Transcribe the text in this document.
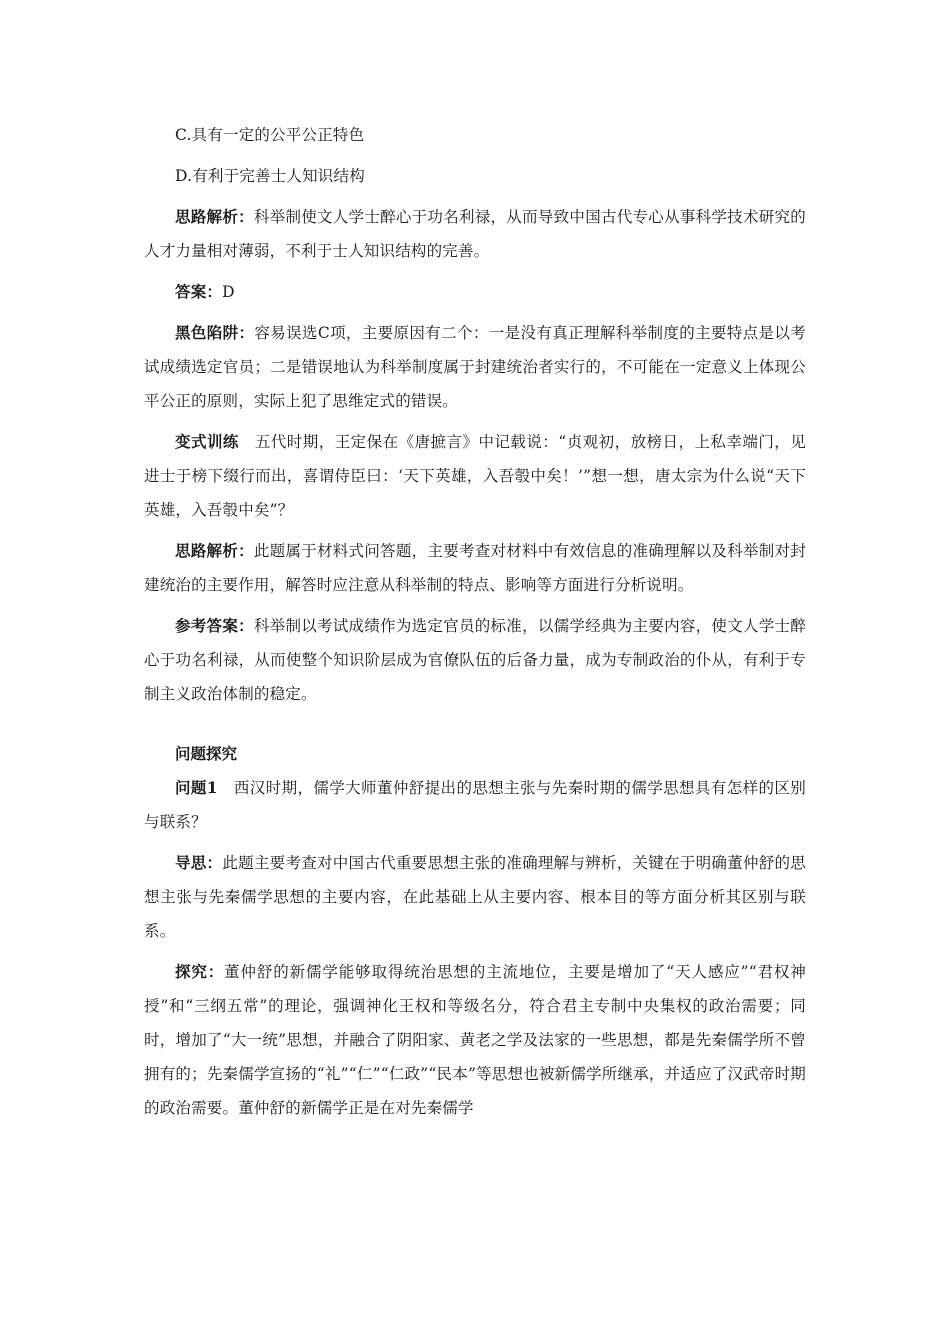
C.具有一定的公平公正特色

D.有利于完善士人知识结构

思路解析：科举制使文人学士醉心于功名利禄，从而导致中国古代专心从事科学技术研究的人才力量相对薄弱，不利于士人知识结构的完善。

答案：D

黑色陷阱：容易误选C项，主要原因有二个：一是没有真正理解科举制度的主要特点是以考试成绩选定官员；二是错误地认为科举制度属于封建统治者实行的，不可能在一定意义上体现公平公正的原则，实际上犯了思维定式的错误。

变式训练　五代时期，王定保在《唐摭言》中记载说：“贞观初，放榜日，上私幸端门，见进士于榜下缀行而出，喜谓侍臣曰：‘天下英雄，入吾彀中矣！’”想一想，唐太宗为什么说“天下英雄，入吾彀中矣”？

思路解析：此题属于材料式问答题，主要考查对材料中有效信息的准确理解以及科举制对封建统治的主要作用，解答时应注意从科举制的特点、影响等方面进行分析说明。

参考答案：科举制以考试成绩作为选定官员的标准，以儒学经典为主要内容，使文人学士醉心于功名利禄，从而使整个知识阶层成为官僚队伍的后备力量，成为专制政治的仆从，有利于专制主义政治体制的稳定。

问题探究

问题1　西汉时期，儒学大师董仲舒提出的思想主张与先秦时期的儒学思想具有怎样的区别与联系？

导思：此题主要考查对中国古代重要思想主张的准确理解与辨析，关键在于明确董仲舒的思想主张与先秦儒学思想的主要内容，在此基础上从主要内容、根本目的等方面分析其区别与联系。

探究：董仲舒的新儒学能够取得统治思想的主流地位，主要是增加了“天人感应”“君权神授”和“三纲五常”的理论，强调神化王权和等级名分，符合君主专制中央集权的政治需要；同时，增加了“大一统”思想，并融合了阴阳家、黄老之学及法家的一些思想，都是先秦儒学所不曾拥有的；先秦儒学宣扬的“礼”“仁”“仁政”“民本”等思想也被新儒学所继承，并适应了汉武帝时期的政治需要。董仲舒的新儒学正是在对先秦儒学
